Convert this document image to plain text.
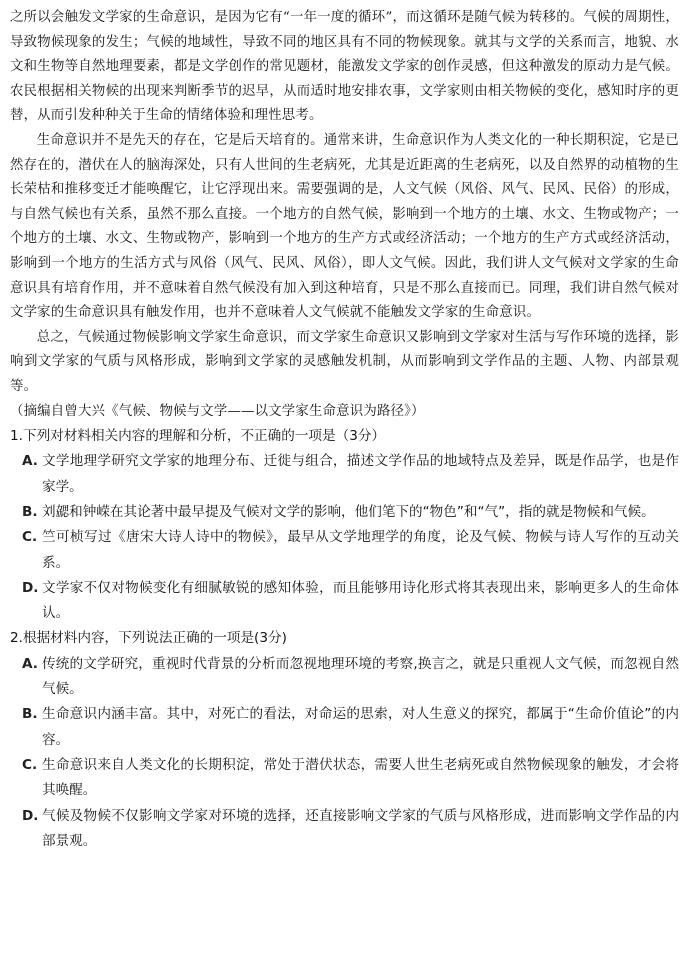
之所以会触发文学家的生命意识，是因为它有“一年一度的循环”，而这循环是随气候为转移的。气候的周期性，导致物候现象的发生；气候的地域性，导致不同的地区具有不同的物候现象。就其与文学的关系而言，地貌、水文和生物等自然地理要素，都是文学创作的常见题材，能激发文学家的创作灵感，但这种激发的原动力是气候。农民根据相关物候的出现来判断季节的迟早，从而适时地安排农事，文学家则由相关物候的变化，感知时序的更替，从而引发种种关于生命的情绪体验和理性思考。

生命意识并不是先天的存在，它是后天培育的。通常来讲，生命意识作为人类文化的一种长期积淀，它是已然存在的，潜伏在人的脑海深处，只有人世间的生老病死，尤其是近距离的生老病死，以及自然界的动植物的生长荣枯和推移变迁才能唤醒它，让它浮现出来。需要强调的是，人文气候（风俗、风气、民风、民俗）的形成，与自然气候也有关系，虽然不那么直接。一个地方的自然气候，影响到一个地方的土壤、水文、生物或物产；一个地方的土壤、水文、生物或物产，影响到一个地方的生产方式或经济活动；一个地方的生产方式或经济活动，影响到一个地方的生活方式与风俗（风气、民风、风俗），即人文气候。因此，我们讲人文气候对文学家的生命意识具有培育作用，并不意味着自然气候没有加入到这种培育，只是不那么直接而已。同理，我们讲自然气候对文学家的生命意识具有触发作用，也并不意味着人文气候就不能触发文学家的生命意识。

总之，气候通过物候影响文学家生命意识，而文学家生命意识又影响到文学家对生活与写作环境的选择，影响到文学家的气质与风格形成，影响到文学家的灵感触发机制，从而影响到文学作品的主题、人物、内部景观等。

（摘编自曾大兴《气候、物候与文学——以文学家生命意识为路径》）

1.下列对材料相关内容的理解和分析，不正确的一项是（3分）

A. 文学地理学研究文学家的地理分布、迁徙与组合，描述文学作品的地域特点及差异，既是作品学，也是作家学。
B. 刘勰和钟嵘在其论著中最早提及气候对文学的影响，他们笔下的“物色”和“气”，指的就是物候和气候。
C. 竺可桢写过《唐宋大诗人诗中的物候》，最早从文学地理学的角度，论及气候、物候与诗人写作的互动关系。
D. 文学家不仅对物候变化有细腻敏锐的感知体验，而且能够用诗化形式将其表现出来，影响更多人的生命体认。

2.根据材料内容，下列说法正确的一项是(3分)

A. 传统的文学研究，重视时代背景的分析而忽视地理环境的考察,换言之，就是只重视人文气候，而忽视自然气候。
B. 生命意识内涵丰富。其中，对死亡的看法，对命运的思索，对人生意义的探究，都属于“生命价值论”的内容。
C. 生命意识来自人类文化的长期积淀，常处于潜伏状态，需要人世生老病死或自然物候现象的触发，才会将其唤醒。
D. 气候及物候不仅影响文学家对环境的选择，还直接影响文学家的气质与风格形成，进而影响文学作品的内部景观。
